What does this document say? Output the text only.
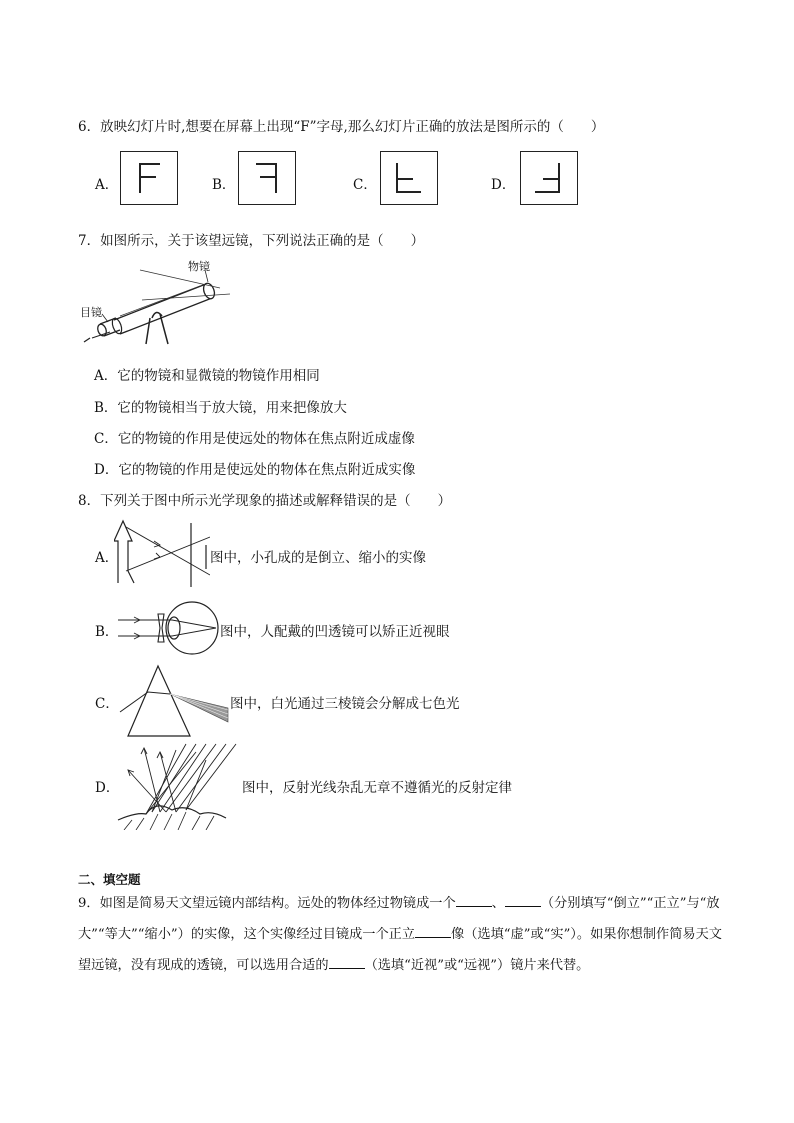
6．放映幻灯片时,想要在屏幕上出现“F”字母,那么幻灯片正确的放法是图所示的（　　）
A．	B．	C．	D．
7．如图所示，关于该望远镜，下列说法正确的是（　　）
物镜
目镜
A．它的物镜和显微镜的物镜作用相同
B．它的物镜相当于放大镜，用来把像放大
C．它的物镜的作用是使远处的物体在焦点附近成虚像
D．它的物镜的作用是使远处的物体在焦点附近成实像
8．下列关于图中所示光学现象的描述或解释错误的是（　　）
A．	图中，小孔成的是倒立、缩小的实像
B．	图中，人配戴的凹透镜可以矫正近视眼
C．	图中，白光通过三棱镜会分解成七色光
D．	图中，反射光线杂乱无章不遵循光的反射定律
二、填空题
9．如图是简易天文望远镜内部结构。远处的物体经过物镜成一个	、	（分别填写“倒立”“正立”与“放大”“等大”“缩小”）的实像，这个实像经过目镜成一个正立	像（选填“虚”或“实”）。如果你想制作简易天文望远镜，没有现成的透镜，可以选用合适的	（选填“近视”或“远视”）镜片来代替。
